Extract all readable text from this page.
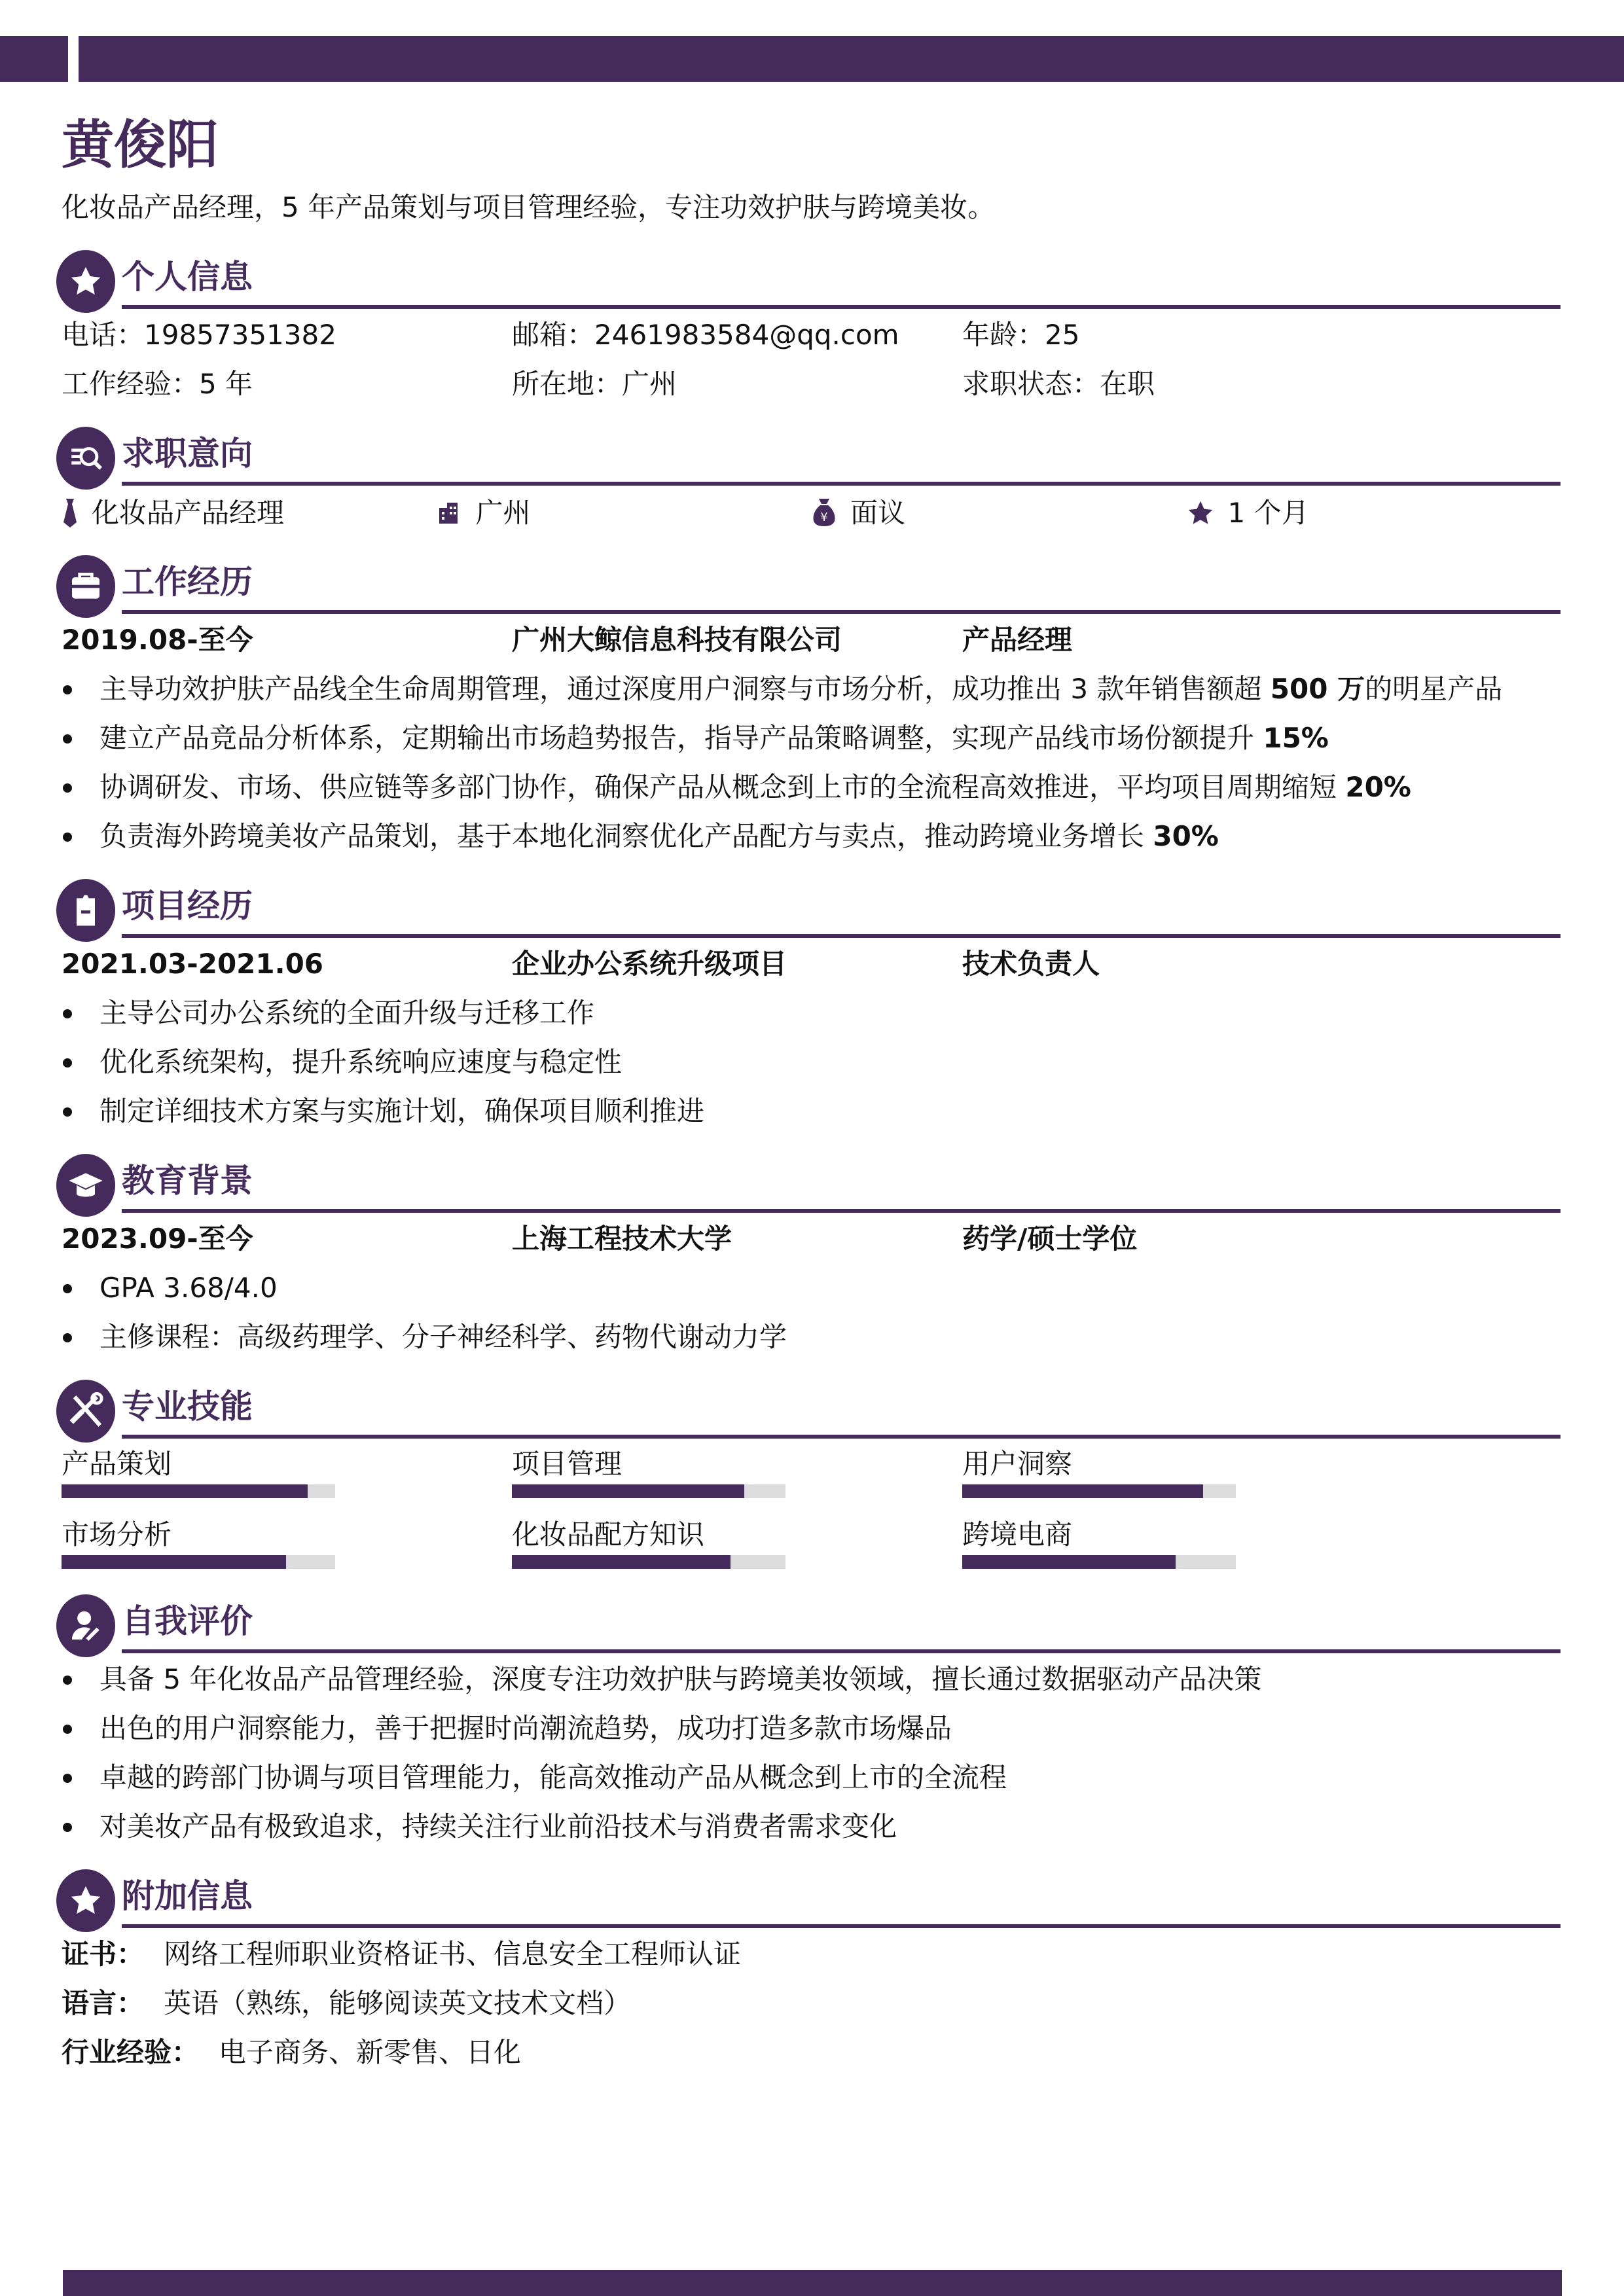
黄俊阳
化妆品产品经理，5 年产品策划与项目管理经验，专注功效护肤与跨境美妆。
个人信息
电话：19857351382	邮箱：2461983584@qq.com	年龄：25
工作经验：5 年	所在地：广州	求职状态：在职
求职意向
化妆品产品经理	广州	¥ 面议	1 个月
工作经历
2019.08-至今	广州大鲸信息科技有限公司	产品经理
主导功效护肤产品线全生命周期管理，通过深度用户洞察与市场分析，成功推出 3 款年销售额超 500 万的明星产品
建立产品竞品分析体系，定期输出市场趋势报告，指导产品策略调整，实现产品线市场份额提升 15%
协调研发、市场、供应链等多部门协作，确保产品从概念到上市的全流程高效推进，平均项目周期缩短 20%
负责海外跨境美妆产品策划，基于本地化洞察优化产品配方与卖点，推动跨境业务增长 30%
项目经历
2021.03-2021.06	企业办公系统升级项目	技术负责人
主导公司办公系统的全面升级与迁移工作
优化系统架构，提升系统响应速度与稳定性
制定详细技术方案与实施计划，确保项目顺利推进
教育背景
2023.09-至今	上海工程技术大学	药学/硕士学位
GPA 3.68/4.0
主修课程：高级药理学、分子神经科学、药物代谢动力学
专业技能
产品策划	项目管理	用户洞察
市场分析	化妆品配方知识	跨境电商
自我评价
具备 5 年化妆品产品管理经验，深度专注功效护肤与跨境美妆领域，擅长通过数据驱动产品决策
出色的用户洞察能力，善于把握时尚潮流趋势，成功打造多款市场爆品
卓越的跨部门协调与项目管理能力，能高效推动产品从概念到上市的全流程
对美妆产品有极致追求，持续关注行业前沿技术与消费者需求变化
附加信息
证书： 网络工程师职业资格证书、信息安全工程师认证
语言： 英语（熟练，能够阅读英文技术文档）
行业经验： 电子商务、新零售、日化
